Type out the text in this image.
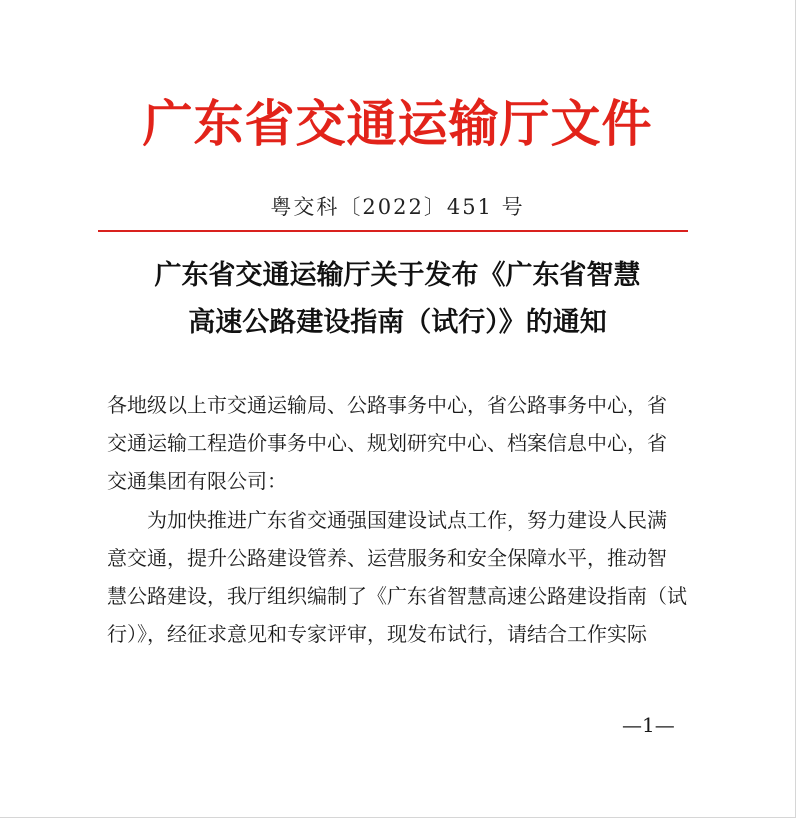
广东省交通运输厅文件
粤交科〔2022〕451 号
广东省交通运输厅关于发布《广东省智慧
高速公路建设指南（试行）》的通知
各地级以上市交通运输局、公路事务中心，省公路事务中心，省
交通运输工程造价事务中心、规划研究中心、档案信息中心，省
交通集团有限公司：
　　为加快推进广东省交通强国建设试点工作，努力建设人民满
意交通，提升公路建设管养、运营服务和安全保障水平，推动智
慧公路建设，我厅组织编制了《广东省智慧高速公路建设指南（试
行）》，经征求意见和专家评审，现发布试行，请结合工作实际
—1—
